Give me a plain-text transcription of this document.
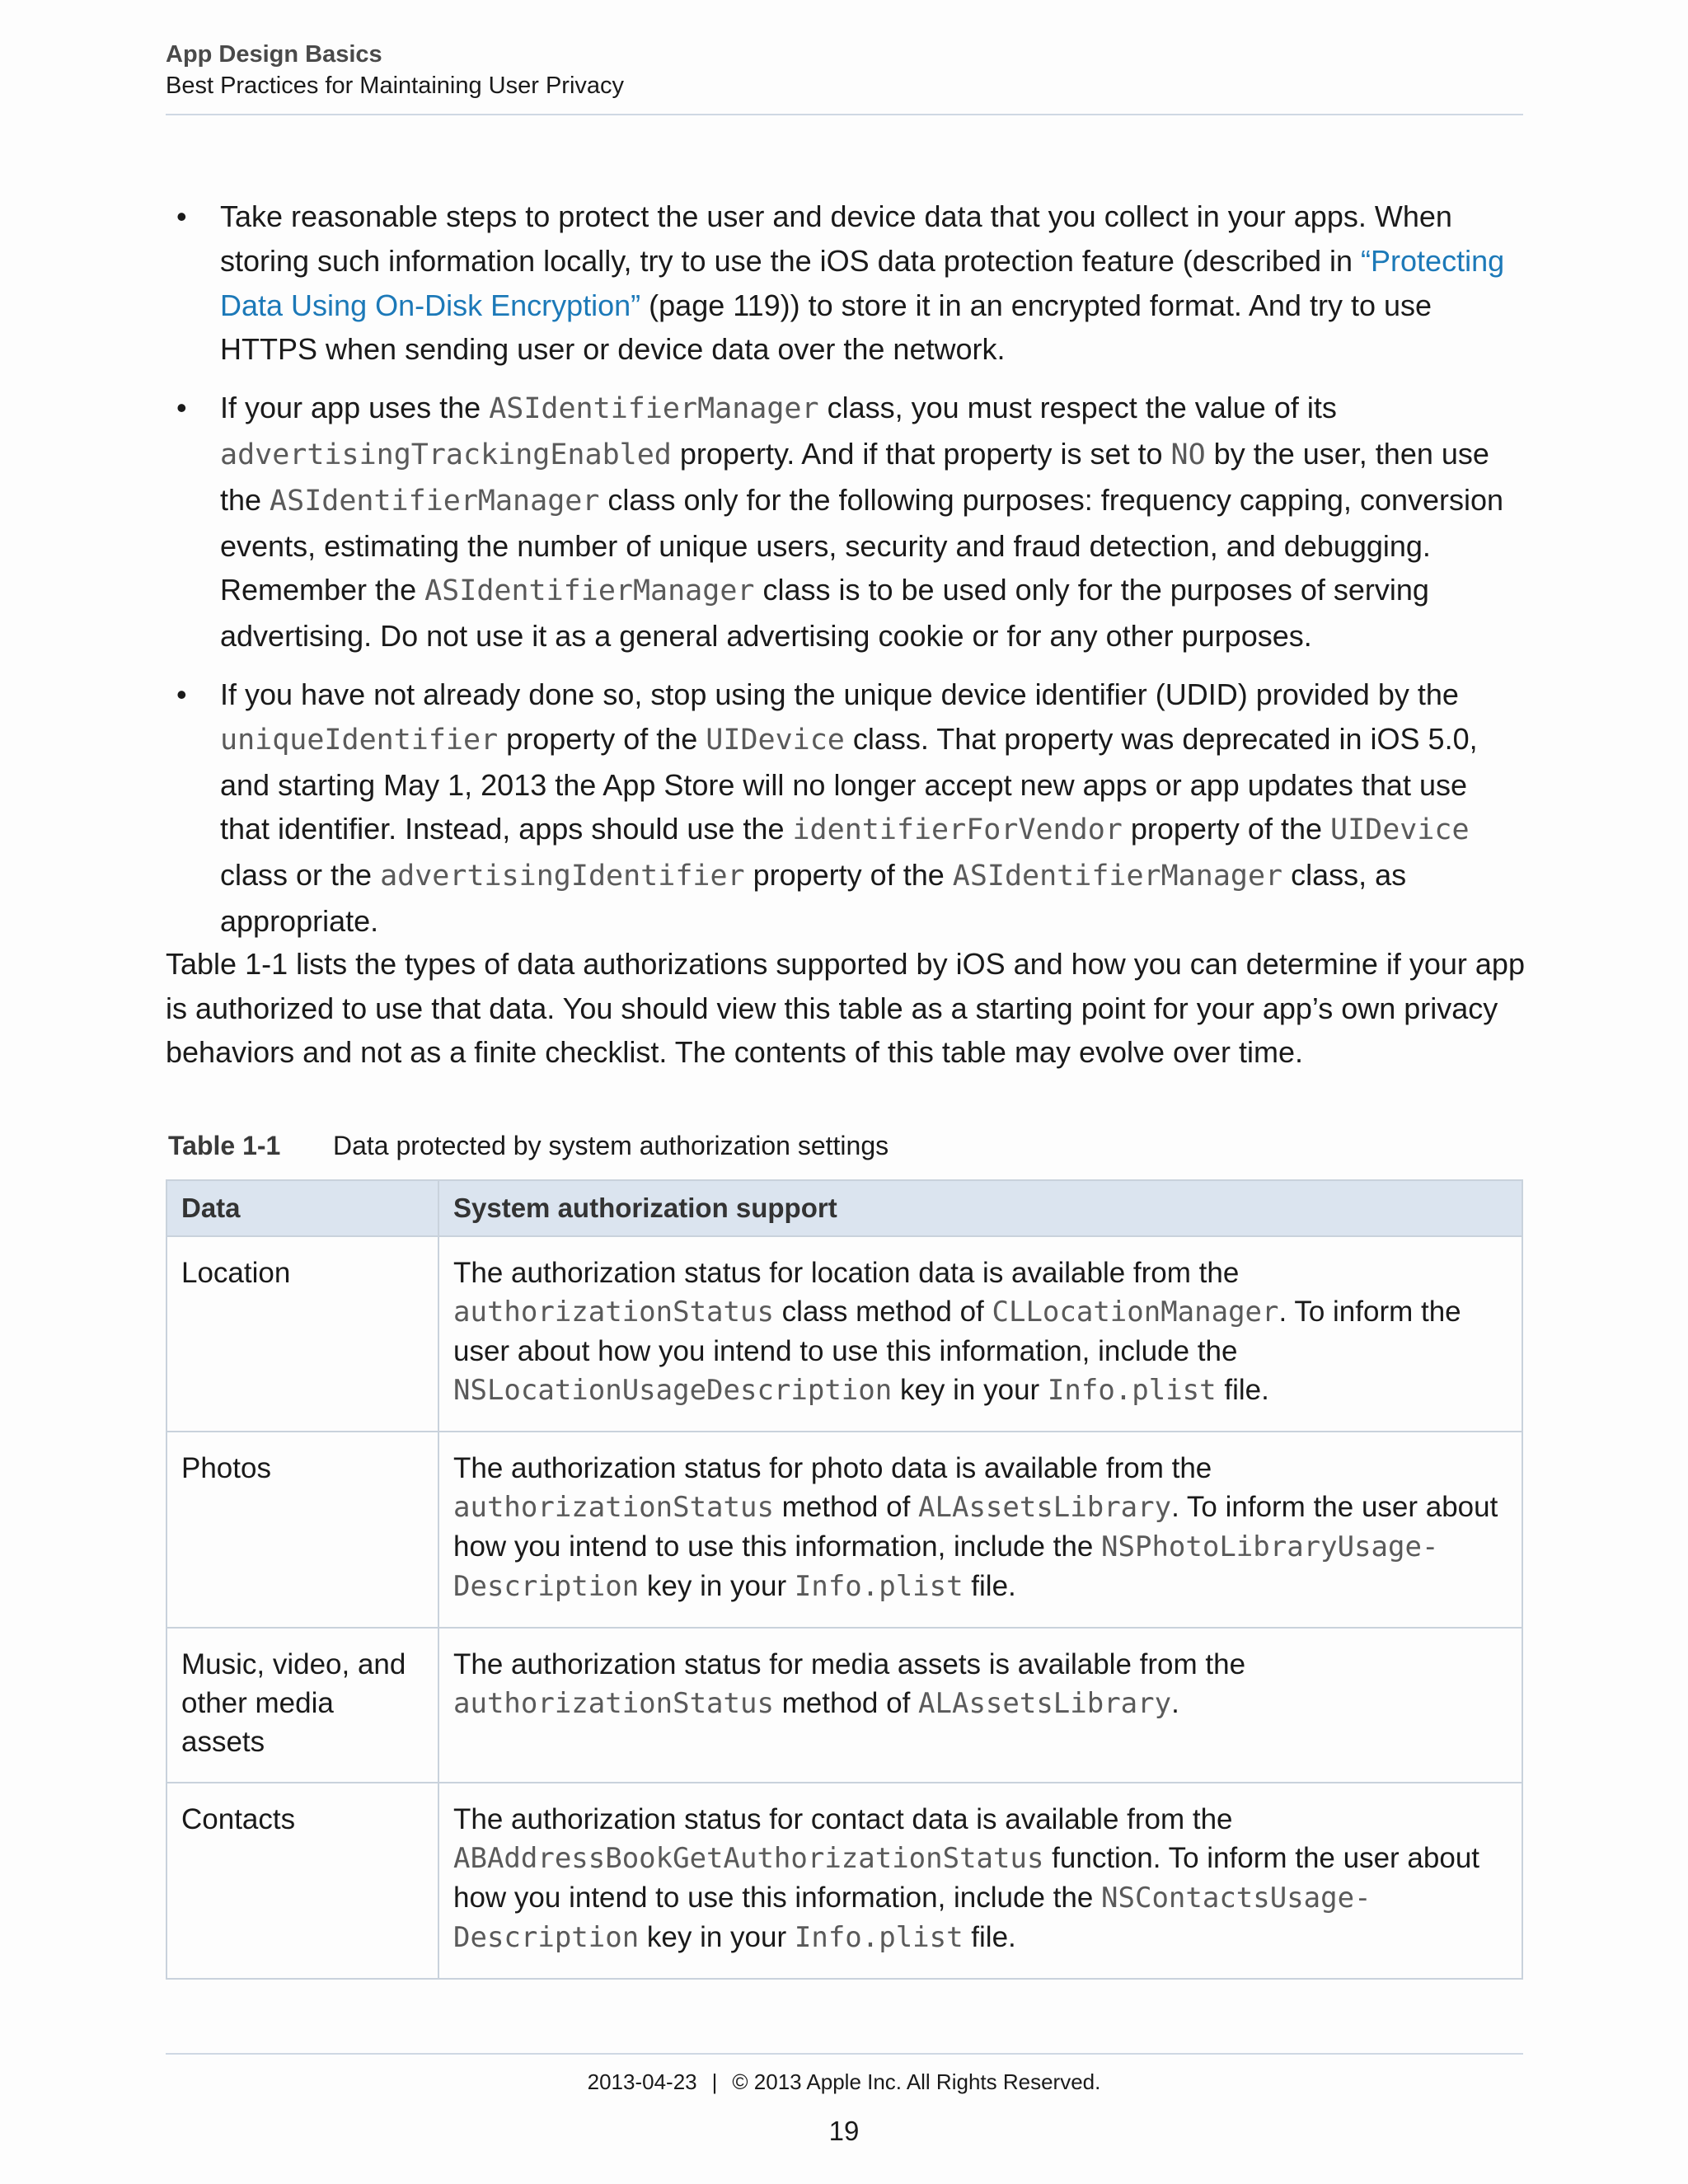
App Design Basics
Best Practices for Maintaining User Privacy
• Take reasonable steps to protect the user and device data that you collect in your apps. When storing such information locally, try to use the iOS data protection feature (described in “Protecting Data Using On-Disk Encryption” (page 119)) to store it in an encrypted format. And try to use HTTPS when sending user or device data over the network.
• If your app uses the ASIdentifierManager class, you must respect the value of its advertisingTrackingEnabled property. And if that property is set to NO by the user, then use the ASIdentifierManager class only for the following purposes: frequency capping, conversion events, estimating the number of unique users, security and fraud detection, and debugging. Remember the ASIdentifierManager class is to be used only for the purposes of serving advertising. Do not use it as a general advertising cookie or for any other purposes.
• If you have not already done so, stop using the unique device identifier (UDID) provided by the uniqueIdentifier property of the UIDevice class. That property was deprecated in iOS 5.0, and starting May 1, 2013 the App Store will no longer accept new apps or app updates that use that identifier. Instead, apps should use the identifierForVendor property of the UIDevice class or the advertisingIdentifier property of the ASIdentifierManager class, as appropriate.
Table 1-1 lists the types of data authorizations supported by iOS and how you can determine if your app is authorized to use that data. You should view this table as a starting point for your app’s own privacy behaviors and not as a finite checklist. The contents of this table may evolve over time.
Table 1-1 Data protected by system authorization settings
Data	System authorization support
Location	The authorization status for location data is available from the authorizationStatus class method of CLLocationManager. To inform the user about how you intend to use this information, include the NSLocationUsageDescription key in your Info.plist file.
Photos	The authorization status for photo data is available from the authorizationStatus method of ALAssetsLibrary. To inform the user about how you intend to use this information, include the NSPhotoLibraryUsage-
Description key in your Info.plist file.
Music, video, and other media assets	The authorization status for media assets is available from the authorizationStatus method of ALAssetsLibrary.
Contacts	The authorization status for contact data is available from the ABAddressBookGetAuthorizationStatus function. To inform the user about how you intend to use this information, include the NSContactsUsage-
Description key in your Info.plist file.
2013-04-23 | © 2013 Apple Inc. All Rights Reserved.
19
